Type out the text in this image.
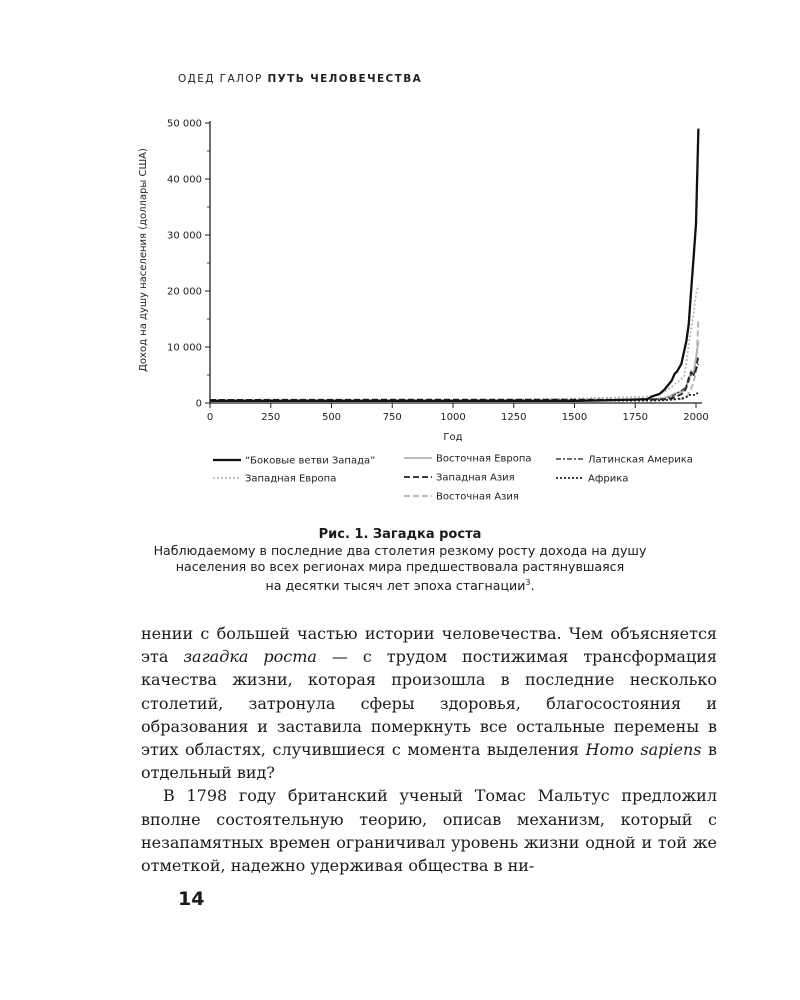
ОДЕД ГАЛОР ПУТЬ ЧЕЛОВЕЧЕСТВА
0
10 000
20 000
30 000
40 000
50 000
0	250	500	750	1000	1250	1500	1750	2000
Год
Доход на душу населения (доллары США)
“Боковые ветви Запада”	Восточная Европа	Латинская Америка
Западная Европа	Западная Азия	Африка
Восточная Азия
Рис. 1. Загадка роста
Наблюдаемому в последние два столетия резкому росту дохода на душу
населения во всех регионах мира предшествовала растянувшаяся
на десятки тысяч лет эпоха стагнации$^3$.

нении с большей частью истории человечества. Чем объясняется эта загадка роста — с трудом постижимая трансформация качества жизни, которая произошла в последние несколько столетий, затронула сферы здоровья, благосостояния и образования и заставила померкнуть все остальные перемены в этих областях, случившиеся с момента выделения Homo sapiens в отдельный вид?

В 1798 году британский ученый Томас Мальтус предложил вполне состоятельную теорию, описав механизм, который с незапамятных времен ограничивал уровень жизни одной и той же отметкой, надежно удерживая общества в ни-

14
